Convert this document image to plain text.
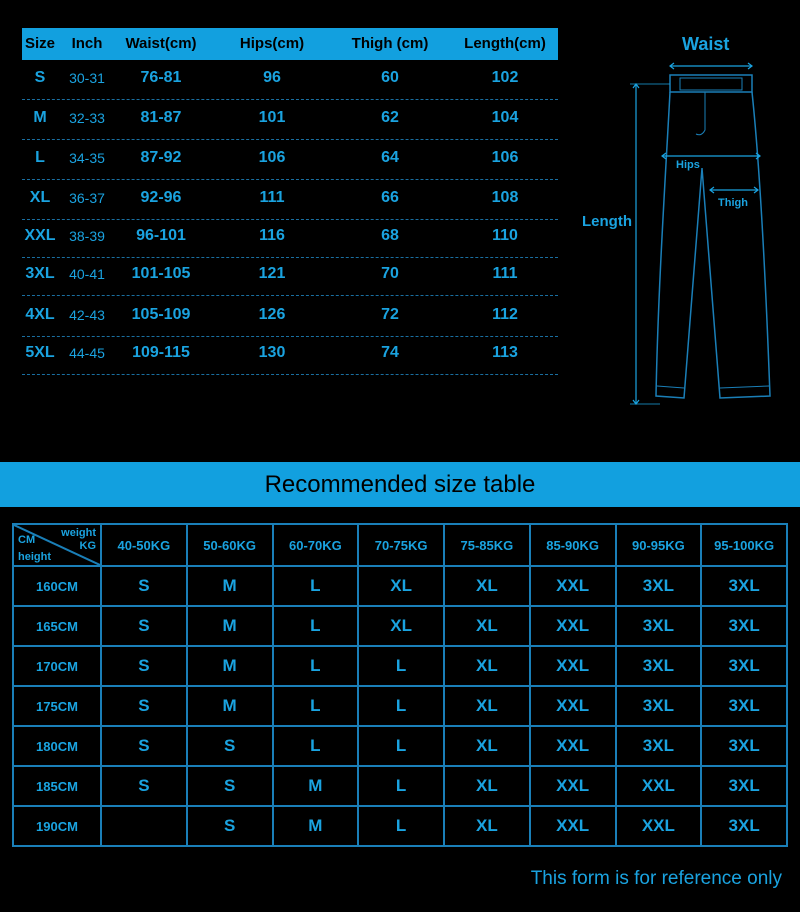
Size	Inch	Waist(cm)	Hips(cm)	Thigh (cm)	Length(cm)
S	30-31	76-81	96	60	102
M	32-33	81-87	101	62	104
L	34-35	87-92	106	64	106
XL	36-37	92-96	111	66	108
XXL 38-39	96-101	116	68	110
3XL	40-41	101-105	121	70	111
4XL	42-43	105-109	126	72	112
5XL	44-45	109-115	130	74	113
Waist
Hips
Thigh
Length
Recommended size table
weight
KG
CM
height	40-50KG	50-60KG	60-70KG	70-75KG	75-85KG	85-90KG	90-95KG	95-100KG
160CM	S	M	L	XL	XL	XXL	3XL	3XL
165CM	S	M	L	XL	XL	XXL	3XL	3XL
170CM	S	M	L	L	XL	XXL	3XL	3XL
175CM	S	M	L	L	XL	XXL	3XL	3XL
180CM	S	S	L	L	XL	XXL	3XL	3XL
185CM	S	S	M	L	XL	XXL	XXL	3XL
190CM		S	M	L	XL	XXL	XXL	3XL
This form is for reference only
